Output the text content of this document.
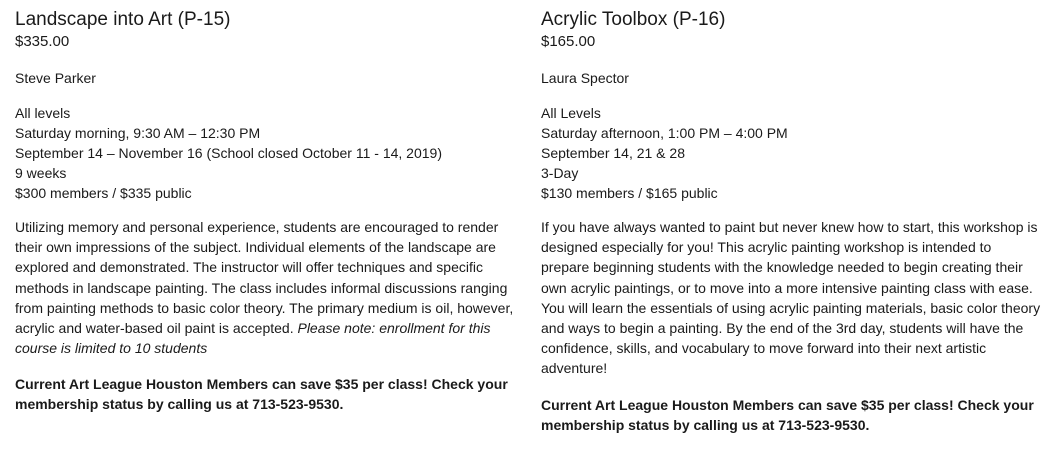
Landscape into Art (P-15)
$335.00
Steve Parker
All levels
Saturday morning, 9:30 AM – 12:30 PM
September 14 – November 16 (School closed October 11 - 14, 2019)
9 weeks
$300 members / $335 public

Utilizing memory and personal experience, students are encouraged to render their own impressions of the subject. Individual elements of the landscape are explored and demonstrated. The instructor will offer techniques and specific methods in landscape painting. The class includes informal discussions ranging from painting methods to basic color theory. The primary medium is oil, however, acrylic and water-based oil paint is accepted. Please note: enrollment for this course is limited to 10 students

Current Art League Houston Members can save $35 per class! Check your membership status by calling us at 713-523-9530.

Acrylic Toolbox (P-16)
$165.00
Laura Spector
All Levels
Saturday afternoon, 1:00 PM – 4:00 PM
September 14, 21 & 28
3-Day
$130 members / $165 public

If you have always wanted to paint but never knew how to start, this workshop is designed especially for you! This acrylic painting workshop is intended to prepare beginning students with the knowledge needed to begin creating their own acrylic paintings, or to move into a more intensive painting class with ease. You will learn the essentials of using acrylic painting materials, basic color theory and ways to begin a painting. By the end of the 3rd day, students will have the confidence, skills, and vocabulary to move forward into their next artistic adventure!

Current Art League Houston Members can save $35 per class! Check your membership status by calling us at 713-523-9530.
